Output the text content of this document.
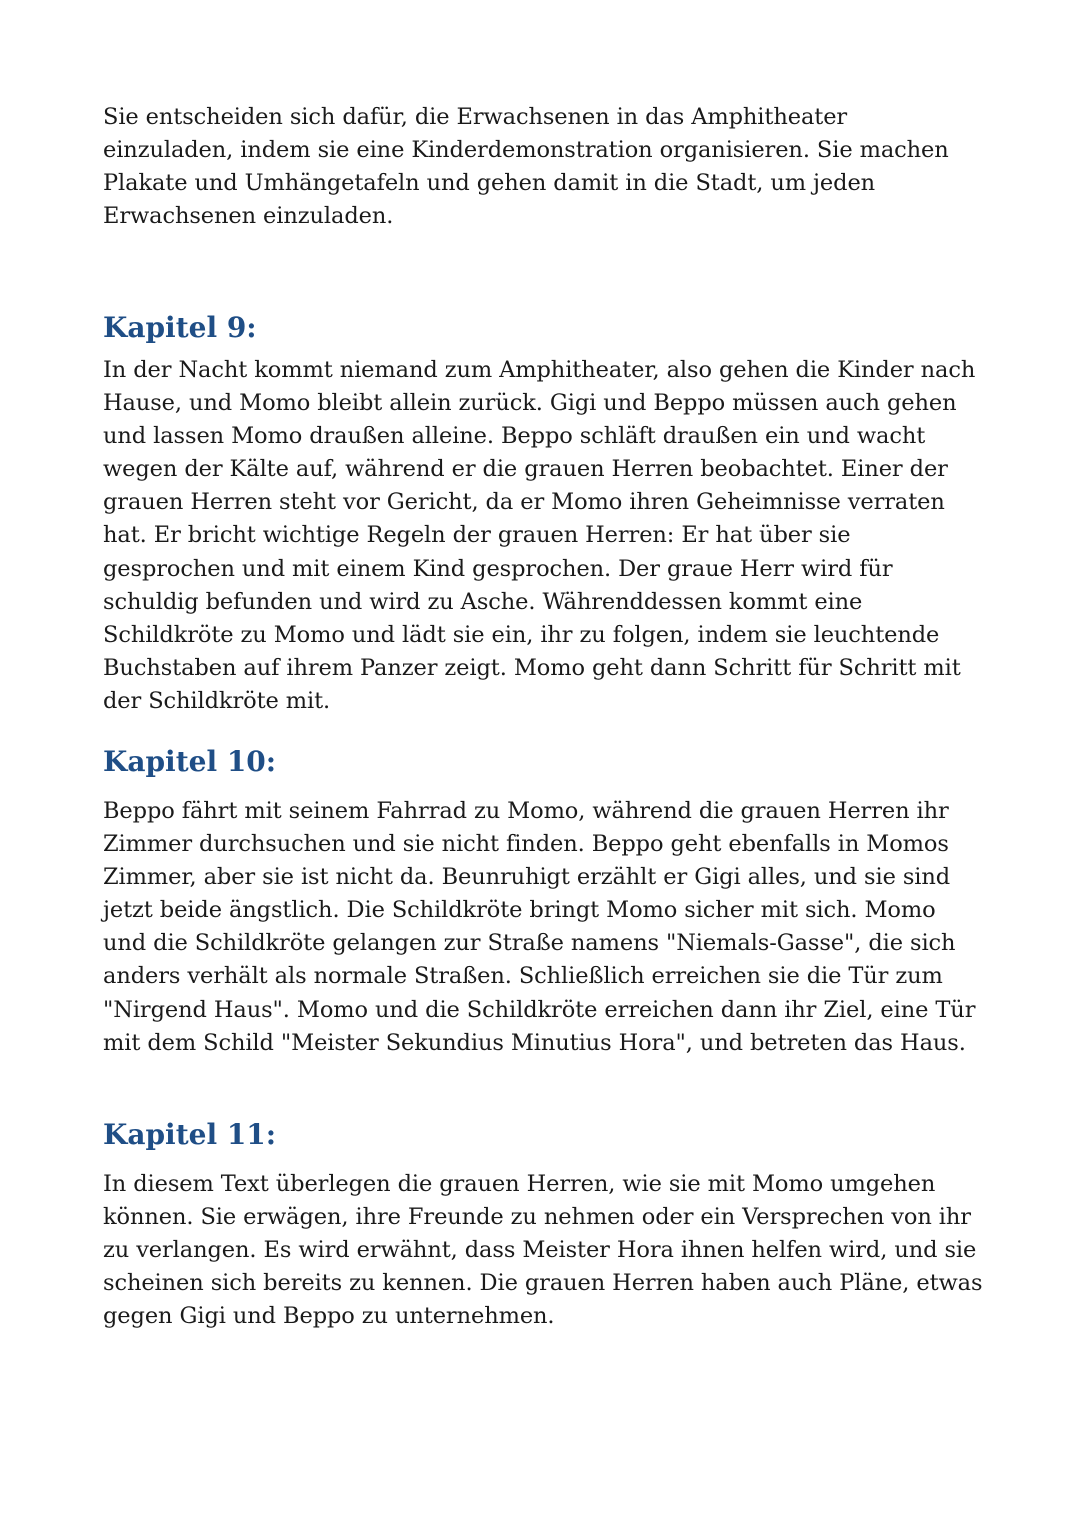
Sie entscheiden sich dafür, die Erwachsenen in das Amphitheater einzuladen, indem sie eine Kinderdemonstration organisieren. Sie machen Plakate und Umhängetafeln und gehen damit in die Stadt, um jeden Erwachsenen einzuladen.

Kapitel 9:

In der Nacht kommt niemand zum Amphitheater, also gehen die Kinder nach Hause, und Momo bleibt allein zurück. Gigi und Beppo müssen auch gehen und lassen Momo draußen alleine. Beppo schläft draußen ein und wacht wegen der Kälte auf, während er die grauen Herren beobachtet. Einer der grauen Herren steht vor Gericht, da er Momo ihren Geheimnisse verraten hat. Er bricht wichtige Regeln der grauen Herren: Er hat über sie gesprochen und mit einem Kind gesprochen. Der graue Herr wird für schuldig befunden und wird zu Asche. Währenddessen kommt eine Schildkröte zu Momo und lädt sie ein, ihr zu folgen, indem sie leuchtende Buchstaben auf ihrem Panzer zeigt. Momo geht dann Schritt für Schritt mit der Schildkröte mit.

Kapitel 10:

Beppo fährt mit seinem Fahrrad zu Momo, während die grauen Herren ihr Zimmer durchsuchen und sie nicht finden. Beppo geht ebenfalls in Momos Zimmer, aber sie ist nicht da. Beunruhigt erzählt er Gigi alles, und sie sind jetzt beide ängstlich. Die Schildkröte bringt Momo sicher mit sich. Momo und die Schildkröte gelangen zur Straße namens "Niemals-Gasse", die sich anders verhält als normale Straßen. Schließlich erreichen sie die Tür zum "Nirgend Haus". Momo und die Schildkröte erreichen dann ihr Ziel, eine Tür mit dem Schild "Meister Sekundius Minutius Hora", und betreten das Haus.

Kapitel 11:

In diesem Text überlegen die grauen Herren, wie sie mit Momo umgehen können. Sie erwägen, ihre Freunde zu nehmen oder ein Versprechen von ihr zu verlangen. Es wird erwähnt, dass Meister Hora ihnen helfen wird, und sie scheinen sich bereits zu kennen. Die grauen Herren haben auch Pläne, etwas gegen Gigi und Beppo zu unternehmen.
